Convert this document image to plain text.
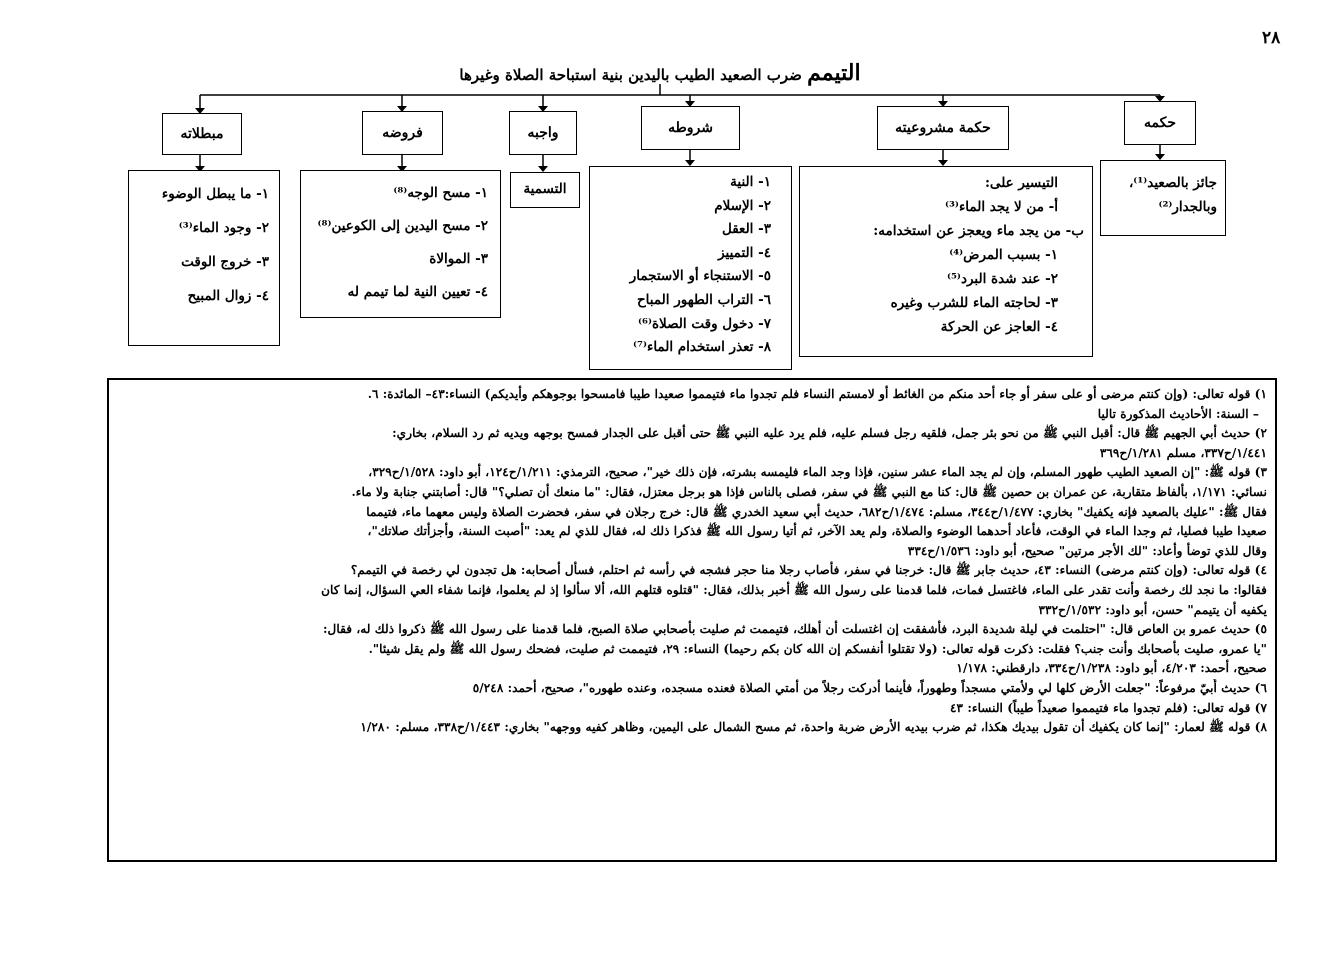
٢٨
التيمم ضرب الصعيد الطيب باليدين بنية استباحة الصلاة وغيرها
حكمه
حكمة مشروعيته
شروطه
واجبه
فروضه
مبطلاته
جائز بالصعيد⁽¹⁾،
وبالجدار⁽²⁾
التيسير على:
أ- من لا يجد الماء⁽³⁾
ب- من يجد ماء ويعجز عن استخدامه:
١- بسبب المرض⁽⁴⁾
٢- عند شدة البرد⁽⁵⁾
٣- لحاجته الماء للشرب وغيره
٤- العاجز عن الحركة
١- النية
٢- الإسلام
٣- العقل
٤- التمييز
٥- الاستنجاء أو الاستجمار
٦- التراب الطهور المباح
٧- دخول وقت الصلاة⁽⁶⁾
٨- تعذر استخدام الماء⁽⁷⁾
التسمية
١- مسح الوجه⁽⁸⁾
٢- مسح اليدين إلى الكوعين⁽⁸⁾
٣- الموالاة
٤- تعيين النية لما تيمم له
١- ما يبطل الوضوء
٢- وجود الماء⁽³⁾
٣- خروج الوقت
٤- زوال المبيح

١) قوله تعالى: (وإن كنتم مرضى أو على سفر أو جاء أحد منكم من الغائط أو لامستم النساء فلم تجدوا ماء فتيمموا صعيدا طيبا فامسحوا بوجوهكم وأيديكم) النساء:٤٣– المائدة: ٦.

– السنة: الأحاديث المذكورة تاليا

٢) حديث أبي الجهيم ﷺ قال: أقبل النبي ﷺ من نحو بئر جمل، فلقيه رجل فسلم عليه، فلم يرد عليه النبي ﷺ حتى أقبل على الجدار فمسح بوجهه ويديه ثم رد السلام، بخاري:

١/٤٤١/ح٣٣٧، مسلم ١/٢٨١/ح٣٦٩

٣) قوله ﷺ: "إن الصعيد الطيب طهور المسلم، وإن لم يجد الماء عشر سنين، فإذا وجد الماء فليمسه بشرته، فإن ذلك خير"، صحيح، الترمذي: ١/٢١١/ح١٢٤، أبو داود: ١/٥٢٨/ح٣٢٩،

نسائي: ١/١٧١، بألفاظ متقاربة، عن عمران بن حصين ﷺ قال: كنا مع النبي ﷺ في سفر، فصلى بالناس فإذا هو برجل معتزل، فقال: "ما منعك أن تصلي؟" قال: أصابتني جنابة ولا ماء.

فقال ﷺ: "عليك بالصعيد فإنه يكفيك" بخاري: ١/٤٧٧/ح٣٤٤، مسلم: ١/٤٧٤/ح٦٨٢، حديث أبي سعيد الخدري ﷺ قال: خرج رجلان في سفر، فحضرت الصلاة وليس معهما ماء، فتيمما

صعيدا طيبا فصليا، ثم وجدا الماء في الوقت، فأعاد أحدهما الوضوء والصلاة، ولم يعد الآخر، ثم أتيا رسول الله ﷺ فذكرا ذلك له، فقال للذي لم يعد: "أصبت السنة، وأجزأتك صلاتك"،

وقال للذي توضأ وأعاد: "لك الأجر مرتين" صحيح، أبو داود: ١/٥٣٦/ح٣٣٤

٤) قوله تعالى: (وإن كنتم مرضى) النساء: ٤٣، حديث جابر ﷺ قال: خرجنا في سفر، فأصاب رجلا منا حجر فشجه في رأسه ثم احتلم، فسأل أصحابه: هل تجدون لي رخصة في التيمم؟

فقالوا: ما نجد لك رخصة وأنت تقدر على الماء، فاغتسل فمات، فلما قدمنا على رسول الله ﷺ أخبر بذلك، فقال: "قتلوه قتلهم الله، ألا سألوا إذ لم يعلموا، فإنما شفاء العي السؤال، إنما كان

يكفيه أن يتيمم" حسن، أبو داود: ١/٥٣٢/ح٣٣٢

٥) حديث عمرو بن العاص قال: "احتلمت في ليلة شديدة البرد، فأشفقت إن اغتسلت أن أهلك، فتيممت ثم صليت بأصحابي صلاة الصبح، فلما قدمنا على رسول الله ﷺ ذكروا ذلك له، فقال:

"يا عمرو، صليت بأصحابك وأنت جنب؟ فقلت: ذكرت قوله تعالى: (ولا تقتلوا أنفسكم إن الله كان بكم رحيما) النساء: ٢٩، فتيممت ثم صليت، فضحك رسول الله ﷺ ولم يقل شيئا".

صحيح، أحمد: ٤/٢٠٣، أبو داود: ١/٢٣٨/ح٣٣٤، دارقطني: ١/١٧٨

٦) حديث أُبيّ مرفوعاً: "جعلت الأرض كلها لي ولأمتي مسجداً وطهوراً، فأينما أدركت رجلاً من أمتي الصلاة فعنده مسجده، وعنده طهوره"، صحيح، أحمد: ٥/٢٤٨

٧) قوله تعالى: (فلم تجدوا ماء فتيمموا صعيداً طيباً) النساء: ٤٣

٨) قوله ﷺ لعمار: "إنما كان يكفيك أن تقول بيديك هكذا، ثم ضرب بيديه الأرض ضربة واحدة، ثم مسح الشمال على اليمين، وظاهر كفيه ووجهه" بخاري: ١/٤٤٣/ح٣٣٨، مسلم: ١/٢٨٠
